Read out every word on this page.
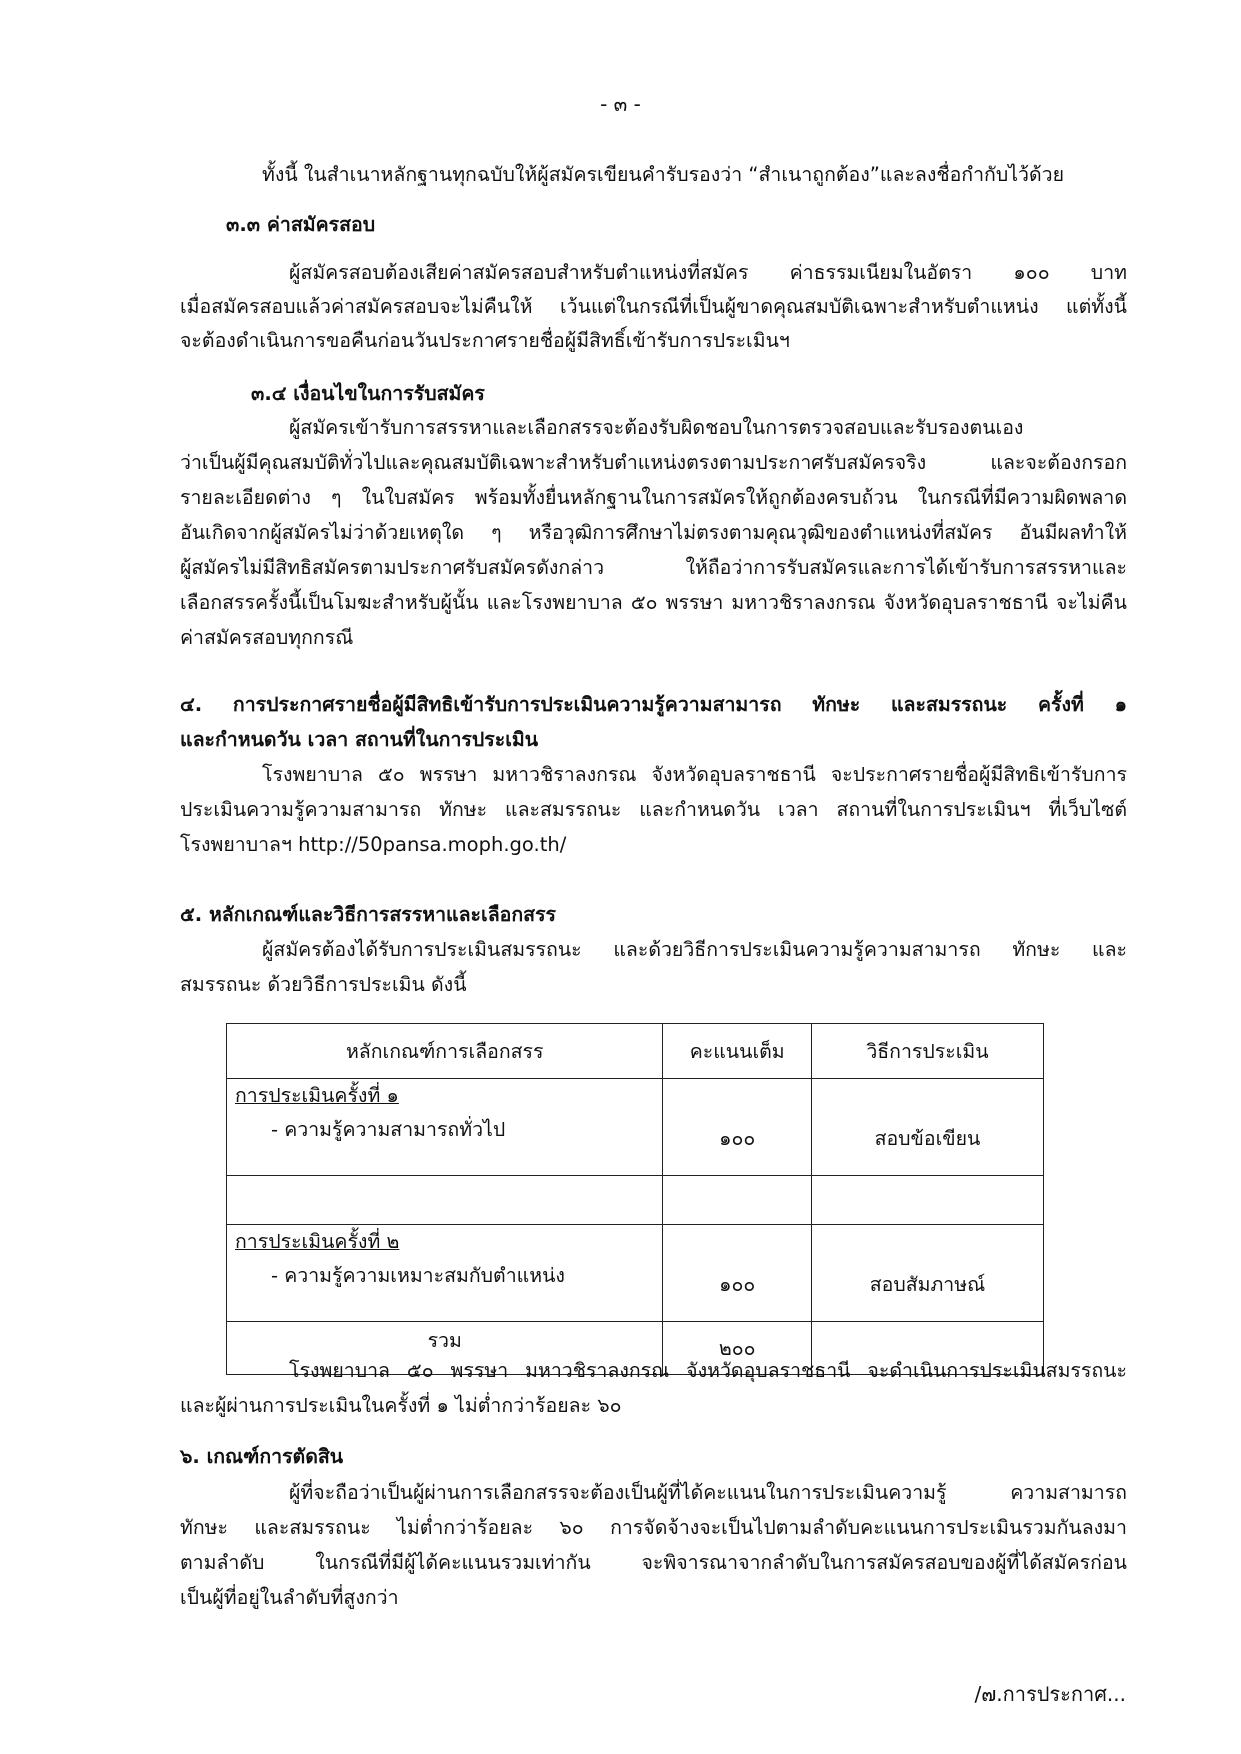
- ๓ -
ทั้งนี้ ในสำเนาหลักฐานทุกฉบับให้ผู้สมัครเขียนคำรับรองว่า “สำเนาถูกต้อง”และลงชื่อกำกับไว้ด้วย
๓.๓ ค่าสมัครสอบ
ผู้สมัครสอบต้องเสียค่าสมัครสอบสำหรับตำแหน่งที่สมัคร ค่าธรรมเนียมในอัตรา ๑๐๐ บาท
เมื่อสมัครสอบแล้วค่าสมัครสอบจะไม่คืนให้ เว้นแต่ในกรณีที่เป็นผู้ขาดคุณสมบัติเฉพาะสำหรับตำแหน่ง แต่ทั้งนี้
จะต้องดำเนินการขอคืนก่อนวันประกาศรายชื่อผู้มีสิทธิ์เข้ารับการประเมินฯ
๓.๔ เงื่อนไขในการรับสมัคร
ผู้สมัครเข้ารับการสรรหาและเลือกสรรจะต้องรับผิดชอบในการตรวจสอบและรับรองตนเอง
ว่าเป็นผู้มีคุณสมบัติทั่วไปและคุณสมบัติเฉพาะสำหรับตำแหน่งตรงตามประกาศรับสมัครจริง และจะต้องกรอก
รายละเอียดต่าง ๆ ในใบสมัคร พร้อมทั้งยื่นหลักฐานในการสมัครให้ถูกต้องครบถ้วน ในกรณีที่มีความผิดพลาด
อันเกิดจากผู้สมัครไม่ว่าด้วยเหตุใด ๆ หรือวุฒิการศึกษาไม่ตรงตามคุณวุฒิของตำแหน่งที่สมัคร อันมีผลทำให้
ผู้สมัครไม่มีสิทธิสมัครตามประกาศรับสมัครดังกล่าว ให้ถือว่าการรับสมัครและการได้เข้ารับการสรรหาและ
เลือกสรรครั้งนี้เป็นโมฆะสำหรับผู้นั้น และโรงพยาบาล ๕๐ พรรษา มหาวชิราลงกรณ จังหวัดอุบลราชธานี จะไม่คืน
ค่าสมัครสอบทุกกรณี
๔. การประกาศรายชื่อผู้มีสิทธิเข้ารับการประเมินความรู้ความสามารถ ทักษะ และสมรรถนะ ครั้งที่ ๑
และกำหนดวัน เวลา สถานที่ในการประเมิน
โรงพยาบาล ๕๐ พรรษา มหาวชิราลงกรณ จังหวัดอุบลราชธานี จะประกาศรายชื่อผู้มีสิทธิเข้ารับการ
ประเมินความรู้ความสามารถ ทักษะ และสมรรถนะ และกำหนดวัน เวลา สถานที่ในการประเมินฯ ที่เว็บไซต์
โรงพยาบาลฯ http://50pansa.moph.go.th/
๕. หลักเกณฑ์และวิธีการสรรหาและเลือกสรร
ผู้สมัครต้องได้รับการประเมินสมรรถนะ และด้วยวิธีการประเมินความรู้ความสามารถ ทักษะ และ
สมรรถนะ ด้วยวิธีการประเมิน ดังนี้
หลักเกณฑ์การเลือกสรร	คะแนนเต็ม	วิธีการประเมิน

การประเมินครั้งที่ ๑
- ความรู้ความสามารถทั่วไป	๑๐๐	สอบข้อเขียน

การประเมินครั้งที่ ๒
- ความรู้ความเหมาะสมกับตำแหน่ง	๑๐๐	สอบสัมภาษณ์

รวม	๒๐๐	

โรงพยาบาล ๕๐ พรรษา มหาวชิราลงกรณ จังหวัดอุบลราชธานี จะดำเนินการประเมินสมรรถนะ
และผู้ผ่านการประเมินในครั้งที่ ๑ ไม่ต่ำกว่าร้อยละ ๖๐
๖. เกณฑ์การตัดสิน
ผู้ที่จะถือว่าเป็นผู้ผ่านการเลือกสรรจะต้องเป็นผู้ที่ได้คะแนนในการประเมินความรู้ ความสามารถ
ทักษะ และสมรรถนะ ไม่ต่ำกว่าร้อยละ ๖๐ การจัดจ้างจะเป็นไปตามลำดับคะแนนการประเมินรวมกันลงมา
ตามลำดับ ในกรณีที่มีผู้ได้คะแนนรวมเท่ากัน จะพิจารณาจากลำดับในการสมัครสอบของผู้ที่ได้สมัครก่อน
เป็นผู้ที่อยู่ในลำดับที่สูงกว่า
/๗.การประกาศ...
